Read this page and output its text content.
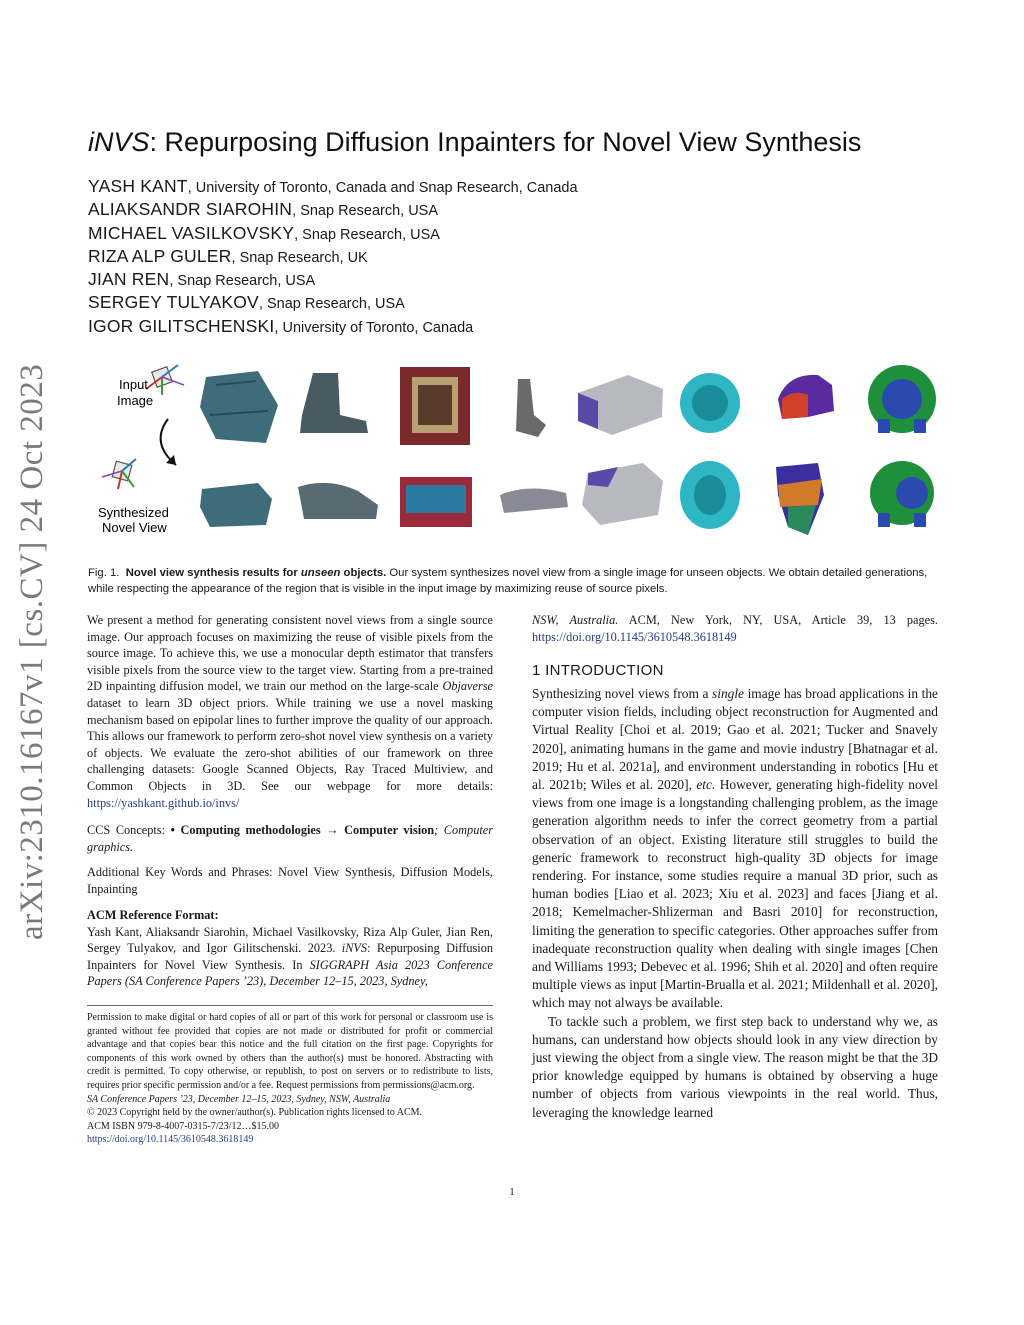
arXiv:2310.16167v1 [cs.CV] 24 Oct 2023
iNVS: Repurposing Diffusion Inpainters for Novel View Synthesis
YASH KANT, University of Toronto, Canada and Snap Research, Canada
ALIAKSANDR SIAROHIN, Snap Research, USA
MICHAEL VASILKOVSKY, Snap Research, USA
RIZA ALP GULER, Snap Research, UK
JIAN REN, Snap Research, USA
SERGEY TULYAKOV, Snap Research, USA
IGOR GILITSCHENSKI, University of Toronto, Canada
Input
Image
Synthesized
Novel View
Fig. 1. Novel view synthesis results for unseen objects. Our system synthesizes novel view from a single image for unseen objects. We obtain detailed generations, while respecting the appearance of the region that is visible in the input image by maximizing reuse of source pixels.

We present a method for generating consistent novel views from a single source image. Our approach focuses on maximizing the reuse of visible pixels from the source image. To achieve this, we use a monocular depth estimator that transfers visible pixels from the source view to the target view. Starting from a pre-trained 2D inpainting diffusion model, we train our method on the large-scale Objaverse dataset to learn 3D object priors. While training we use a novel masking mechanism based on epipolar lines to further improve the quality of our approach. This allows our framework to perform zero-shot novel view synthesis on a variety of objects. We evaluate the zero-shot abilities of our framework on three challenging datasets: Google Scanned Objects, Ray Traced Multiview, and Common Objects in 3D. See our webpage for more details: https://yashkant.github.io/invs/

CCS Concepts: • Computing methodologies → Computer vision; Computer graphics.

Additional Key Words and Phrases: Novel View Synthesis, Diffusion Models, Inpainting

ACM Reference Format:

Yash Kant, Aliaksandr Siarohin, Michael Vasilkovsky, Riza Alp Guler, Jian Ren, Sergey Tulyakov, and Igor Gilitschenski. 2023. iNVS: Repurposing Diffusion Inpainters for Novel View Synthesis. In SIGGRAPH Asia 2023 Conference Papers (SA Conference Papers ’23), December 12–15, 2023, Sydney,

Permission to make digital or hard copies of all or part of this work for personal or classroom use is granted without fee provided that copies are not made or distributed for profit or commercial advantage and that copies bear this notice and the full citation on the first page. Copyrights for components of this work owned by others than the author(s) must be honored. Abstracting with credit is permitted. To copy otherwise, or republish, to post on servers or to redistribute to lists, requires prior specific permission and/or a fee. Request permissions from permissions@acm.org.

SA Conference Papers ’23, December 12–15, 2023, Sydney, NSW, Australia

© 2023 Copyright held by the owner/author(s). Publication rights licensed to ACM.

ACM ISBN 979-8-4007-0315-7/23/12…$15.00

https://doi.org/10.1145/3610548.3618149

NSW, Australia. ACM, New York, NY, USA, Article 39, 13 pages. https://doi.org/10.1145/3610548.3618149

1 INTRODUCTION

Synthesizing novel views from a single image has broad applications in the computer vision fields, including object reconstruction for Augmented and Virtual Reality [Choi et al. 2019; Gao et al. 2021; Tucker and Snavely 2020], animating humans in the game and movie industry [Bhatnagar et al. 2019; Hu et al. 2021a], and environment understanding in robotics [Hu et al. 2021b; Wiles et al. 2020], etc. However, generating high-fidelity novel views from one image is a longstanding challenging problem, as the image generation algorithm needs to infer the correct geometry from a partial observation of an object. Existing literature still struggles to build the generic framework to reconstruct high-quality 3D objects for image rendering. For instance, some studies require a manual 3D prior, such as human bodies [Liao et al. 2023; Xiu et al. 2023] and faces [Jiang et al. 2018; Kemelmacher-Shlizerman and Basri 2010] for reconstruction, limiting the generation to specific categories. Other approaches suffer from inadequate reconstruction quality when dealing with single images [Chen and Williams 1993; Debevec et al. 1996; Shih et al. 2020] and often require multiple views as input [Martin-Brualla et al. 2021; Mildenhall et al. 2020], which may not always be available.

To tackle such a problem, we first step back to understand why we, as humans, can understand how objects should look in any view direction by just viewing the object from a single view. The reason might be that the 3D prior knowledge equipped by humans is obtained by observing a huge number of objects from various viewpoints in the real world. Thus, leveraging the knowledge learned

1
